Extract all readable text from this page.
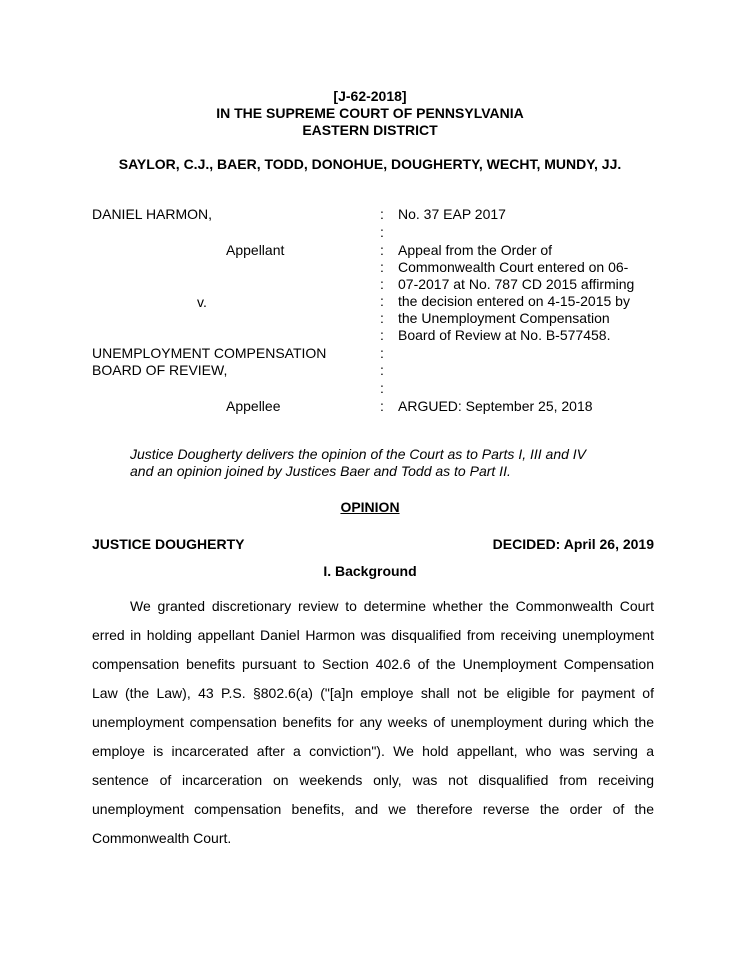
[J-62-2018]
IN THE SUPREME COURT OF PENNSYLVANIA
EASTERN DISTRICT
SAYLOR, C.J., BAER, TODD, DONOHUE, DOUGHERTY, WECHT, MUNDY, JJ.
DANIEL HARMON,
Appellant
v.
UNEMPLOYMENT COMPENSATION
BOARD OF REVIEW,
Appellee
:
:
:
:
:
:
:
:
:
:
:
:
No. 37 EAP 2017
Appeal from the Order of
Commonwealth Court entered on 06-
07-2017 at No. 787 CD 2015 affirming
the decision entered on 4-15-2015 by
the Unemployment Compensation
Board of Review at No. B-577458.
ARGUED: September 25, 2018
Justice Dougherty delivers the opinion of the Court as to Parts I, III and IV
and an opinion joined by Justices Baer and Todd as to Part II.
OPINION
JUSTICE DOUGHERTY	DECIDED: April 26, 2019
I. Background
We granted discretionary review to determine whether the Commonwealth Court
erred in holding appellant Daniel Harmon was disqualified from receiving unemployment
compensation benefits pursuant to Section 402.6 of the Unemployment Compensation
Law (the Law), 43 P.S. §802.6(a) ("[a]n employe shall not be eligible for payment of
unemployment compensation benefits for any weeks of unemployment during which the
employe is incarcerated after a conviction"). We hold appellant, who was serving a
sentence of incarceration on weekends only, was not disqualified from receiving
unemployment compensation benefits, and we therefore reverse the order of the
Commonwealth Court.
